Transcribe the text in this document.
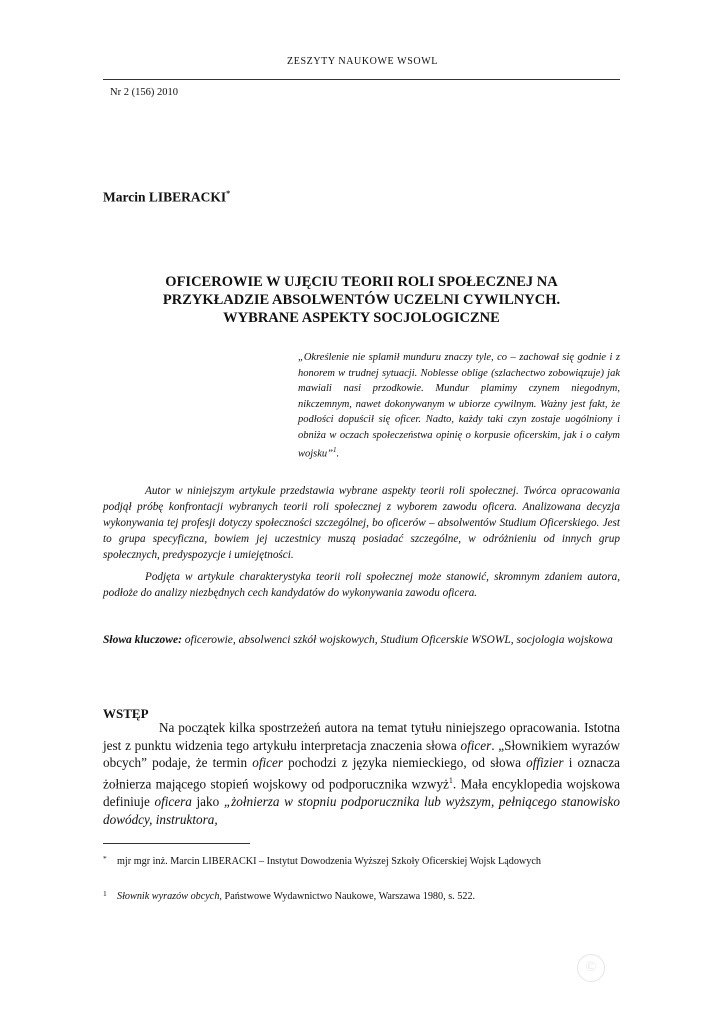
ZESZYTY NAUKOWE WSOWL
Nr 2 (156) 2010
Marcin LIBERACKI*
OFICEROWIE W UJĘCIU TEORII ROLI SPOŁECZNEJ NA
PRZYKŁADZIE ABSOLWENTÓW UCZELNI CYWILNYCH.
WYBRANE ASPEKTY SOCJOLOGICZNE
„Określenie nie splamił munduru znaczy tyle, co – zachował się godnie i z honorem w trudnej sytuacji. Noblesse oblige (szlachectwo zobowiązuje) jak mawiali nasi przodkowie. Mundur plamimy czynem niegodnym, nikczemnym, nawet dokonywanym w ubiorze cywilnym. Ważny jest fakt, że podłości dopuścił się oficer. Nadto, każdy taki czyn zostaje uogólniony i obniża w oczach społeczeństwa opinię o korpusie oficerskim, jak i o całym wojsku”$^1$.

Autor w niniejszym artykule przedstawia wybrane aspekty teorii roli społecznej. Twórca opracowania podjął próbę konfrontacji wybranych teorii roli społecznej z wyborem zawodu oficera. Analizowana decyzja wykonywania tej profesji dotyczy społeczności szczególnej, bo oficerów – absolwentów Studium Oficerskiego. Jest to grupa specyficzna, bowiem jej uczestnicy muszą posiadać szczególne, w odróżnieniu od innych grup społecznych, predyspozycje i umiejętności.

Podjęta w artykule charakterystyka teorii roli społecznej może stanowić, skromnym zdaniem autora, podłoże do analizy niezbędnych cech kandydatów do wykonywania zawodu oficera.

Słowa kluczowe: oficerowie, absolwenci szkół wojskowych, Studium Oficerskie WSOWL, socjologia wojskowa
WSTĘP

Na początek kilka spostrzeżeń autora na temat tytułu niniejszego opracowania. Istotna jest z punktu widzenia tego artykułu interpretacja znaczenia słowa oficer. „Słownikiem wyrazów obcych” podaje, że termin oficer pochodzi z języka niemieckiego, od słowa offizier i oznacza żołnierza mającego stopień wojskowy od podporucznika wzwyż$^1$. Mała encyklopedia wojskowa definiuje oficera jako „żołnierza w stopniu podporucznika lub wyższym, pełniącego stanowisko dowódcy, instruktora,

* mjr mgr inż. Marcin LIBERACKI – Instytut Dowodzenia Wyższej Szkoły Oficerskiej Wojsk Lądowych
1 Słownik wyrazów obcych, Państwowe Wydawnictwo Naukowe, Warszawa 1980, s. 522.
©
